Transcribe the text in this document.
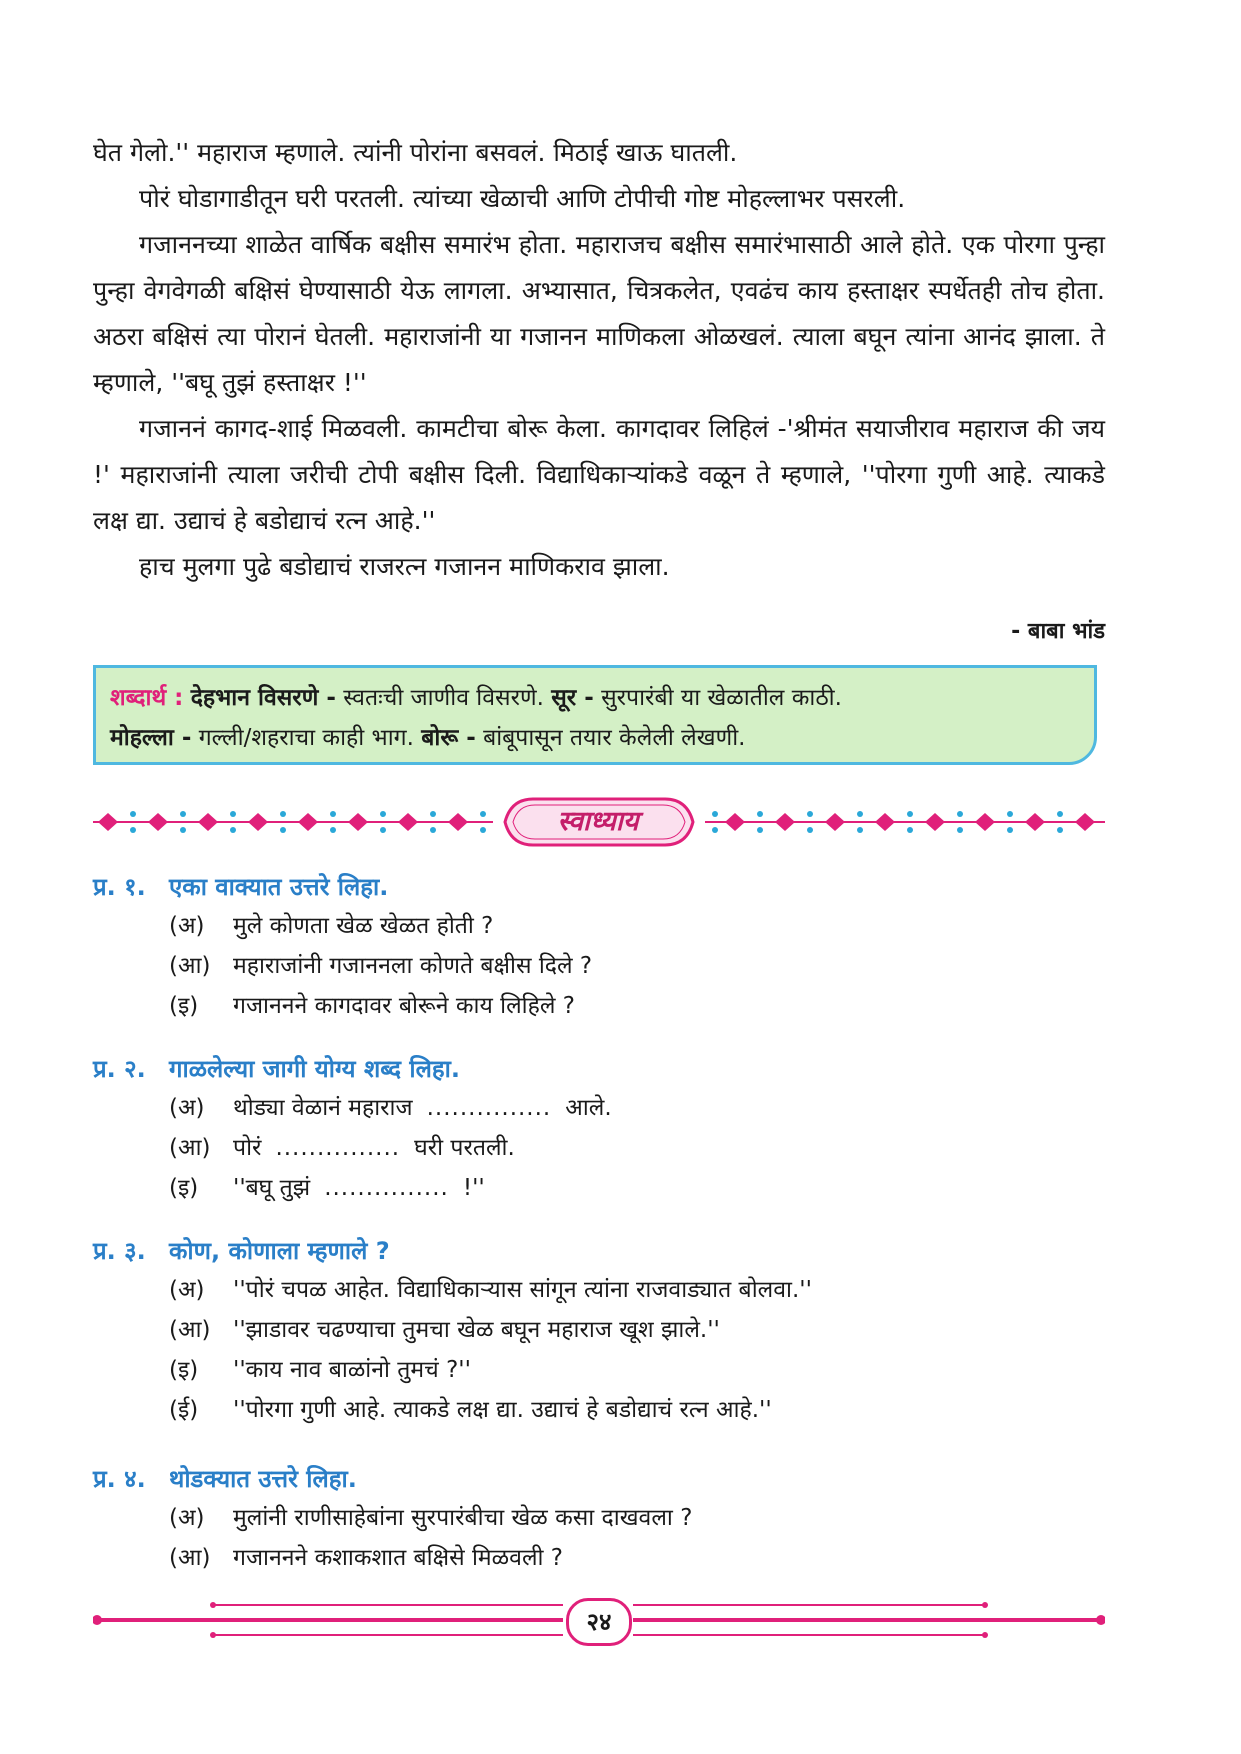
घेत गेलो.'' महाराज म्हणाले. त्यांनी पोरांना बसवलं. मिठाई खाऊ घातली.

पोरं घोडागाडीतून घरी परतली. त्यांच्या खेळाची आणि टोपीची गोष्ट मोहल्लाभर पसरली.

गजाननच्या शाळेत वार्षिक बक्षीस समारंभ होता. महाराजच बक्षीस समारंभासाठी आले होते. एक पोरगा पुन्हा पुन्हा वेगवेगळी बक्षिसं घेण्यासाठी येऊ लागला. अभ्यासात, चित्रकलेत, एवढंच काय हस्ताक्षर स्पर्धेतही तोच होता. अठरा बक्षिसं त्या पोरानं घेतली. महाराजांनी या गजानन माणिकला ओळखलं. त्याला बघून त्यांना आनंद झाला. ते म्हणाले, ''बघू तुझं हस्ताक्षर !''

गजाननं कागद-शाई मिळवली. कामटीचा बोरू केला. कागदावर लिहिलं -'श्रीमंत सयाजीराव महाराज की जय !' महाराजांनी त्याला जरीची टोपी बक्षीस दिली. विद्याधिकाऱ्यांकडे वळून ते म्हणाले, ''पोरगा गुणी आहे. त्याकडे लक्ष द्या. उद्याचं हे बडोद्याचं रत्न आहे.''

हाच मुलगा पुढे बडोद्याचं राजरत्न गजानन माणिकराव झाला.

- बाबा भांड
शब्दार्थ : देहभान विसरणे - स्वतःची जाणीव विसरणे. सूर - सुरपारंबी या खेळातील काठी.
मोहल्ला - गल्ली/शहराचा काही भाग. बोरू - बांबूपासून तयार केलेली लेखणी.
स्वाध्याय
प्र. १. एका वाक्यात उत्तरे लिहा.
(अ) मुले कोणता खेळ खेळत होती ?
(आ) महाराजांनी गजाननला कोणते बक्षीस दिले ?
(इ) गजाननने कागदावर बोरूने काय लिहिले ?
प्र. २. गाळलेल्या जागी योग्य शब्द लिहा.
(अ) थोड्या वेळानं महाराज ............... आले.
(आ) पोरं ............... घरी परतली.
(इ) ''बघू तुझं ............... !''
प्र. ३. कोण, कोणाला म्हणाले ?
(अ) ''पोरं चपळ आहेत. विद्याधिकाऱ्यास सांगून त्यांना राजवाड्यात बोलवा.''
(आ) ''झाडावर चढण्याचा तुमचा खेळ बघून महाराज खूश झाले.''
(इ) ''काय नाव बाळांनो तुमचं ?''
(ई) ''पोरगा गुणी आहे. त्याकडे लक्ष द्या. उद्याचं हे बडोद्याचं रत्न आहे.''
प्र. ४. थोडक्यात उत्तरे लिहा.
(अ) मुलांनी राणीसाहेबांना सुरपारंबीचा खेळ कसा दाखवला ?
(आ) गजाननने कशाकशात बक्षिसे मिळवली ?
२४
